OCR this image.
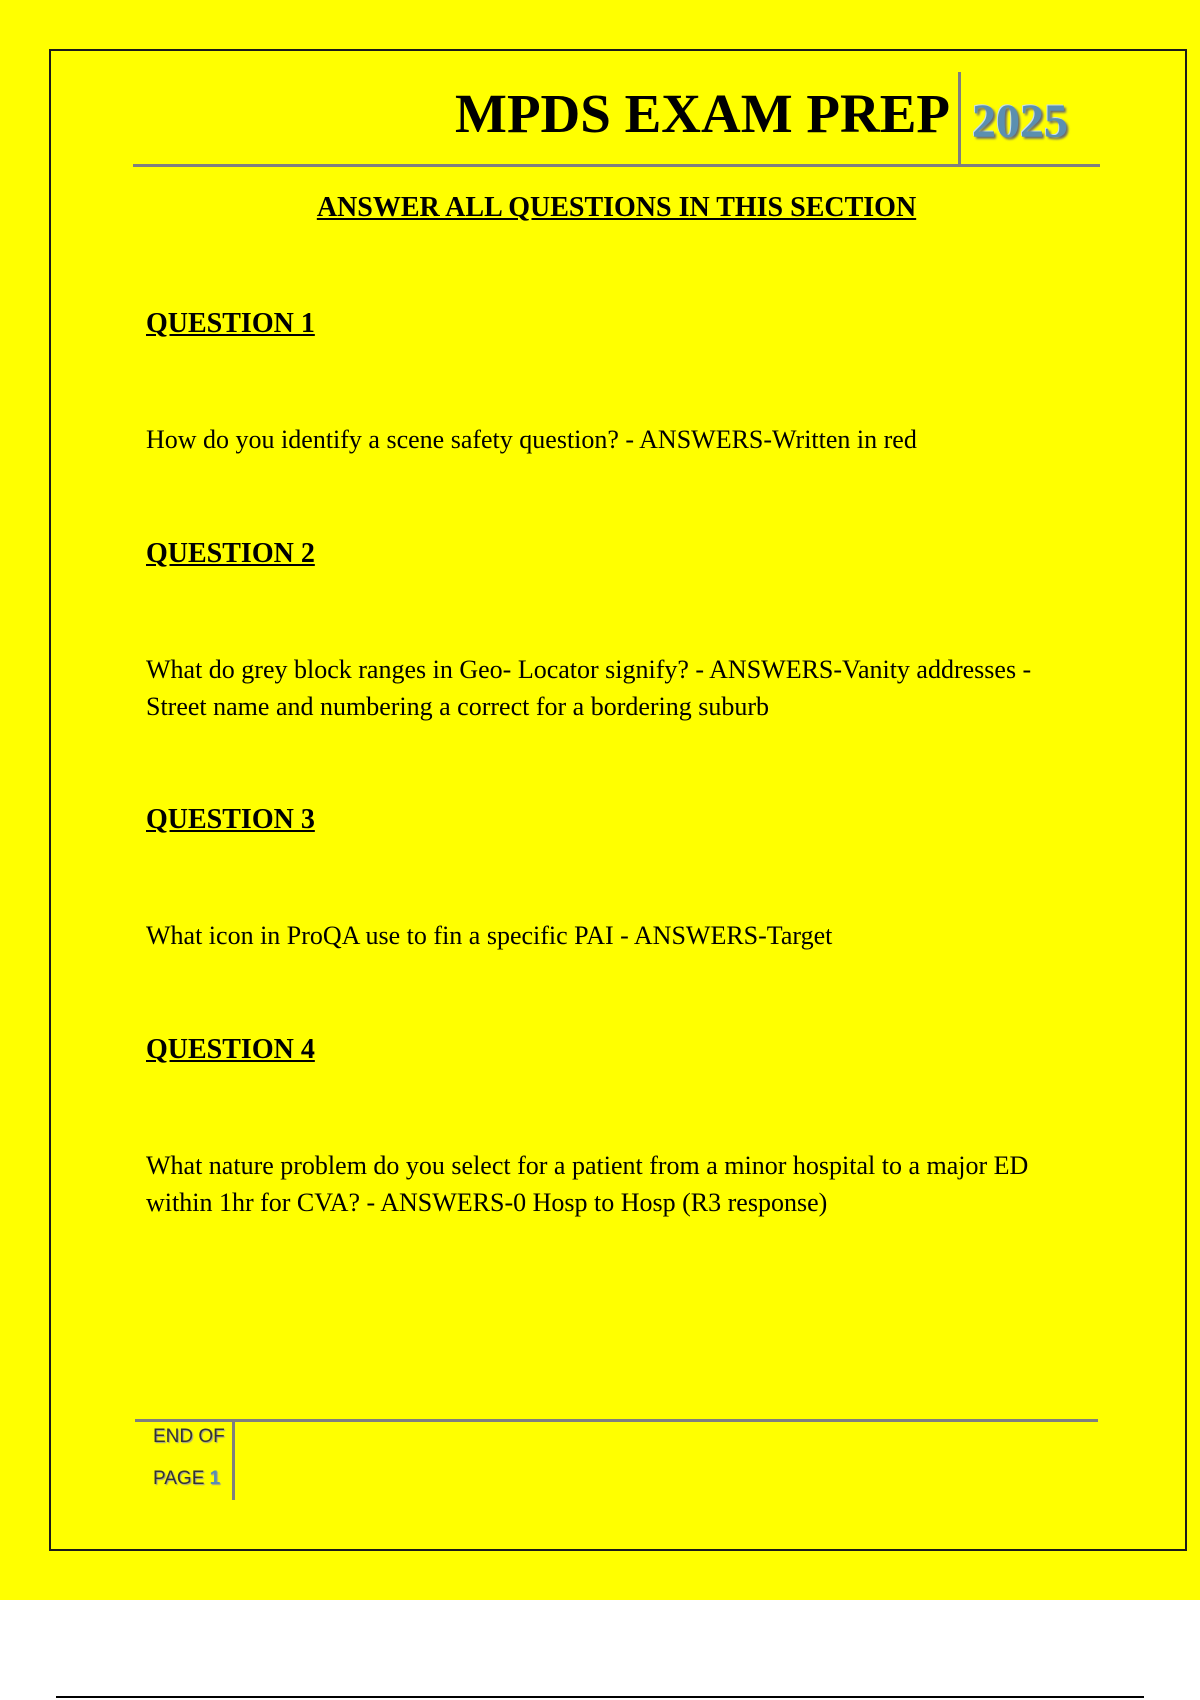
MPDS EXAM PREP 2025
ANSWER ALL QUESTIONS IN THIS SECTION
QUESTION 1
How do you identify a scene safety question? - ANSWERS-Written in red
QUESTION 2
What do grey block ranges in Geo- Locator signify? - ANSWERS-Vanity addresses - Street name and numbering a correct for a bordering suburb
QUESTION 3
What icon in ProQA use to fin a specific PAI - ANSWERS-Target
QUESTION 4
What nature problem do you select for a patient from a minor hospital to a major ED within 1hr for CVA? - ANSWERS-0 Hosp to Hosp (R3 response)
END OF
PAGE 1
